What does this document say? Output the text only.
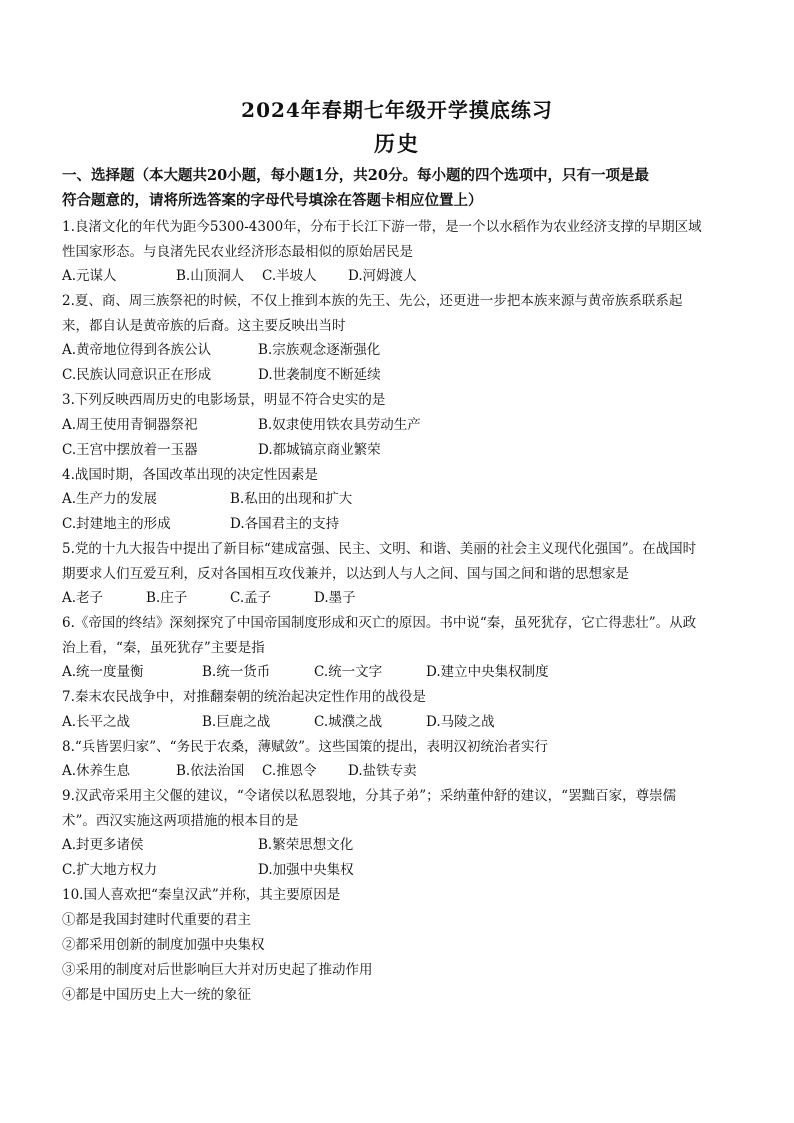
2024年春期七年级开学摸底练习
历史
一、选择题（本大题共20小题，每小题1分，共20分。每小题的四个选项中，只有一项是最
符合题意的，请将所选答案的字母代号填涂在答题卡相应位置上）

1.良渚文化的年代为距今5300-4300年，分布于长江下游一带，是一个以水稻作为农业经济支撑的早期区域

性国家形态。与良渚先民农业经济形态最相似的原始居民是

A.元谋人	B.山顶洞人	C.半坡人	D.河姆渡人

2.夏、商、周三族祭祀的时候，不仅上推到本族的先王、先公，还更进一步把本族来源与黄帝族系联系起

来，都自认是黄帝族的后裔。这主要反映出当时

A.黄帝地位得到各族公认	B.宗族观念逐渐强化
C.民族认同意识正在形成	D.世袭制度不断延续

3.下列反映西周历史的电影场景，明显不符合史实的是

A.周王使用青铜器祭祀	B.奴隶使用铁农具劳动生产
C.王宫中摆放着一玉器	D.都城镐京商业繁荣

4.战国时期，各国改革出现的决定性因素是

A.生产力的发展	B.私田的出现和扩大
C.封建地主的形成	D.各国君主的支持

5.党的十九大报告中提出了新目标“建成富强、民主、文明、和谐、美丽的社会主义现代化强国”。在战国时

期要求人们互爱互利，反对各国相互攻伐兼并，以达到人与人之间、国与国之间和谐的思想家是

A.老子	B.庄子	C.孟子	D.墨子

6.《帝国的终结》深刻探究了中国帝国制度形成和灭亡的原因。书中说“秦，虽死犹存，它亡得悲壮”。从政

治上看，“秦，虽死犹存”主要是指

A.统一度量衡	B.统一货币	C.统一文字	D.建立中央集权制度

7.秦末农民战争中，对推翻秦朝的统治起决定性作用的战役是

A.长平之战	B.巨鹿之战	C.城濮之战	D.马陵之战

8.“兵皆罢归家”、“务民于农桑，薄赋敛”。这些国策的提出，表明汉初统治者实行

A.休养生息	B.依法治国	C.推恩令	D.盐铁专卖

9.汉武帝采用主父偃的建议，“令诸侯以私恩裂地，分其子弟”；采纳董仲舒的建议，“罢黜百家，尊崇儒

术”。西汉实施这两项措施的根本目的是

A.封更多诸侯	B.繁荣思想文化
C.扩大地方权力	D.加强中央集权

10.国人喜欢把“秦皇汉武”并称，其主要原因是

①都是我国封建时代重要的君主

②都采用创新的制度加强中央集权

③采用的制度对后世影响巨大并对历史起了推动作用

④都是中国历史上大一统的象征
